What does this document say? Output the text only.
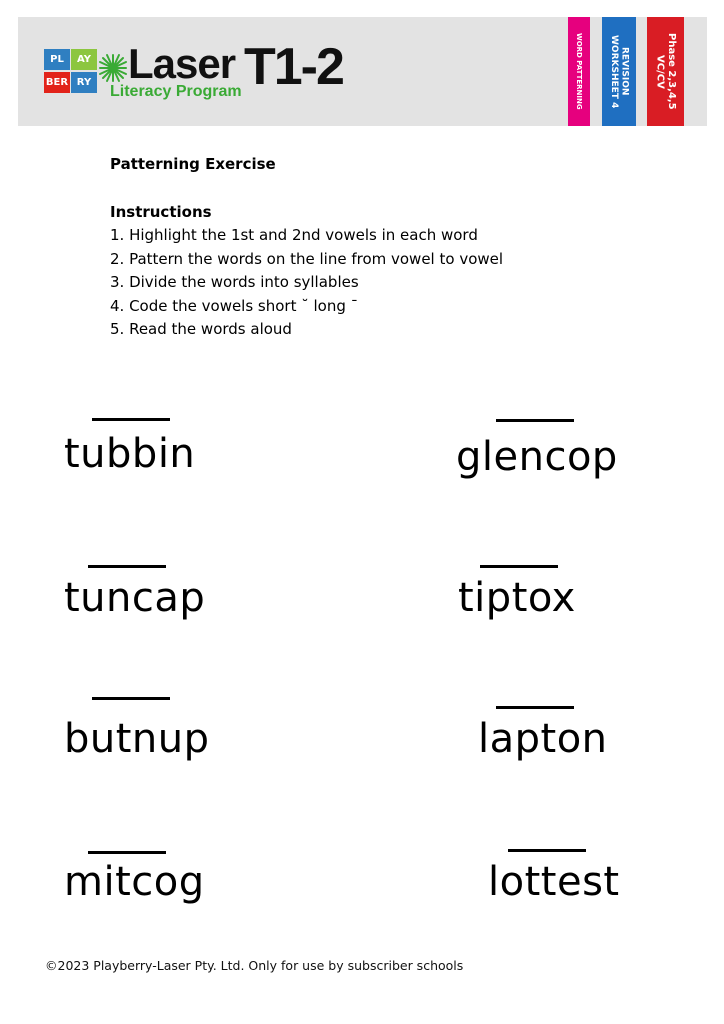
PL	AY
BER RY Laser T1-2
Literacy Program	WORD PATTERNING	REVISION WORKSHEET 4	Phase 2,3,4,5 VC/CV

Patterning Exercise

Instructions

1. Highlight the 1st and 2nd vowels in each word
2. Pattern the words on the line from vowel to vowel
3. Divide the words into syllables
4. Code the vowels short ˘ long ¯
5. Read the words aloud
tubbin	glencop
tuncap	tiptox
butnup	lapton
mitcog	lottest
©2023 Playberry-Laser Pty. Ltd. Only for use by subscriber schools
